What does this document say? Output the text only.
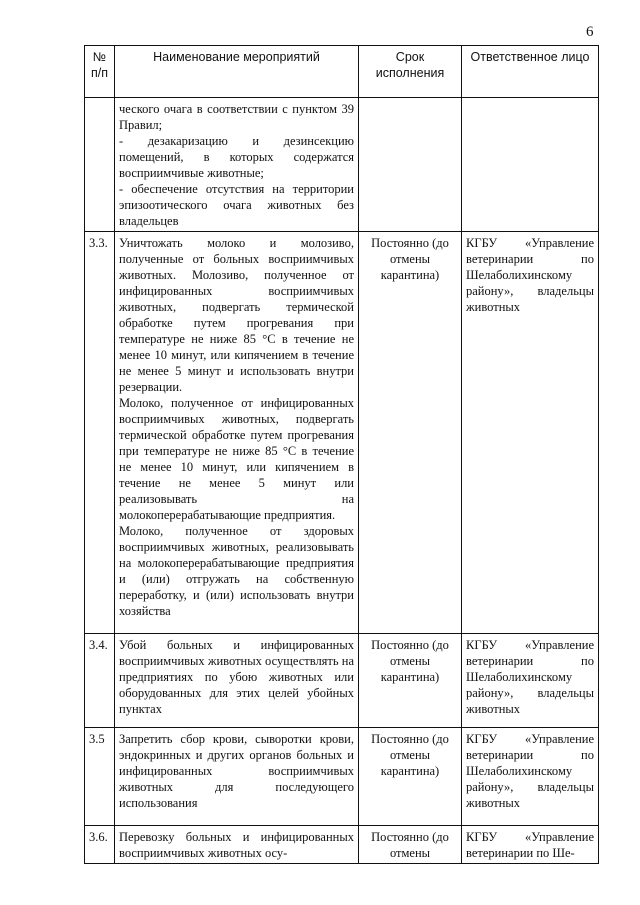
6
№ п/п	Наименование мероприятий	Срок исполнения	Ответственное лицо

	ческого очага в соответствии с пунктом 39 Правил;
- дезакаризацию и дезинсекцию помещений, в которых содержатся восприимчивые животные;
- обеспечение отсутствия на территории эпизоотического очага животных без владельцев		

3.3.	Уничтожать молоко и молозиво, полученные от больных восприимчивых животных. Молозиво, полученное от инфицированных восприимчивых животных, подвергать термической обработке путем прогревания при температуре не ниже 85 °С в течение не менее 10 минут, или кипячением в течение не менее 5 минут и использовать внутри резервации.
Молоко, полученное от инфицированных восприимчивых животных, подвергать термической обработке путем прогревания при температуре не ниже 85 °С в течение не менее 10 минут, или кипячением в течение не менее 5 минут или реализовывать на молокоперерабатывающие предприятия.
Молоко, полученное от здоровых восприимчивых животных, реализовывать на молокоперерабатывающие предприятия и (или) отгружать на собственную переработку, и (или) использовать внутри хозяйства	Постоянно (до отмены карантина)	КГБУ «Управление ветеринарии по Шелаболихинскому району», владельцы животных
3.4.	Убой больных и инфицированных восприимчивых животных осуществлять на предприятиях по убою животных или оборудованных для этих целей убойных пунктах	Постоянно (до отмены карантина)	КГБУ «Управление ветеринарии по Шелаболихинскому району», владельцы животных
3.5	Запретить сбор крови, сыворотки крови, эндокринных и других органов больных и инфицированных восприимчивых животных для последующего использования	Постоянно (до отмены карантина)	КГБУ «Управление ветеринарии по Шелаболихинскому району», владельцы животных
3.6.	Перевозку больных и инфицированных восприимчивых животных осу-	Постоянно (до отмены	КГБУ «Управление ветеринарии по Ше-
